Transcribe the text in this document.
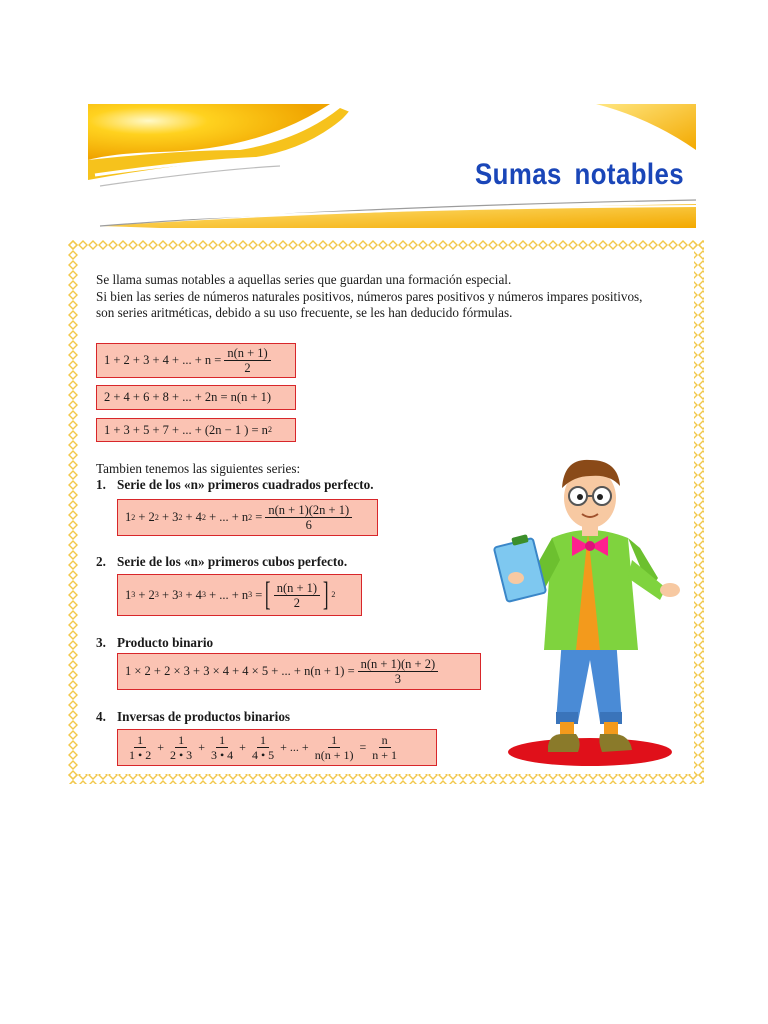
Sumas notables

Se llama sumas notables a aquellas series que guardan una formación especial.

Si bien las series de números naturales positivos, números pares positivos y números impares positivos,

son series aritméticas, debido a su uso frecuente, se les han deducido fórmulas.

1 + 2 + 3 + 4 + ... + $n = \frac{n(n + 1)}{2}$
2 + 4 + 6 + 8 + ... + 2n = n(n + 1)
1 + 3 + 5 + 7 + ... + (2n − 1 ) = n 2
Tambien tenemos las siguientes series:
1. Serie de los «n» primeros cuadrados perfecto.
1 2
+ 2 2
+ 3 2
+ 4 2
+ ... + n 2
= $\frac{n(n + 1)(2n + 1)}{6}$
2. Serie de los «n» primeros cubos perfecto.
1 3
+ 2 3
+ 3 3
+ 4 3
+ ... + n 3
= [ $\frac{n(n + 1)}{2}$ ] 2
3. Producto binario
1 × 2 + 2 × 3 + 3 × 4 + 4 × 5 + ... + $n(n + 1) = \frac{n(n + 1)(n + 2)}{3}$
4. Inversas de productos binarios
$\frac{1}{1 • 2} + \frac{1}{2 • 3} + \frac{1}{3 • 4} + \frac{1}{4 • 5}$ + ... + $\frac{1}{n(n + 1)} = \frac{n}{n + 1}$
